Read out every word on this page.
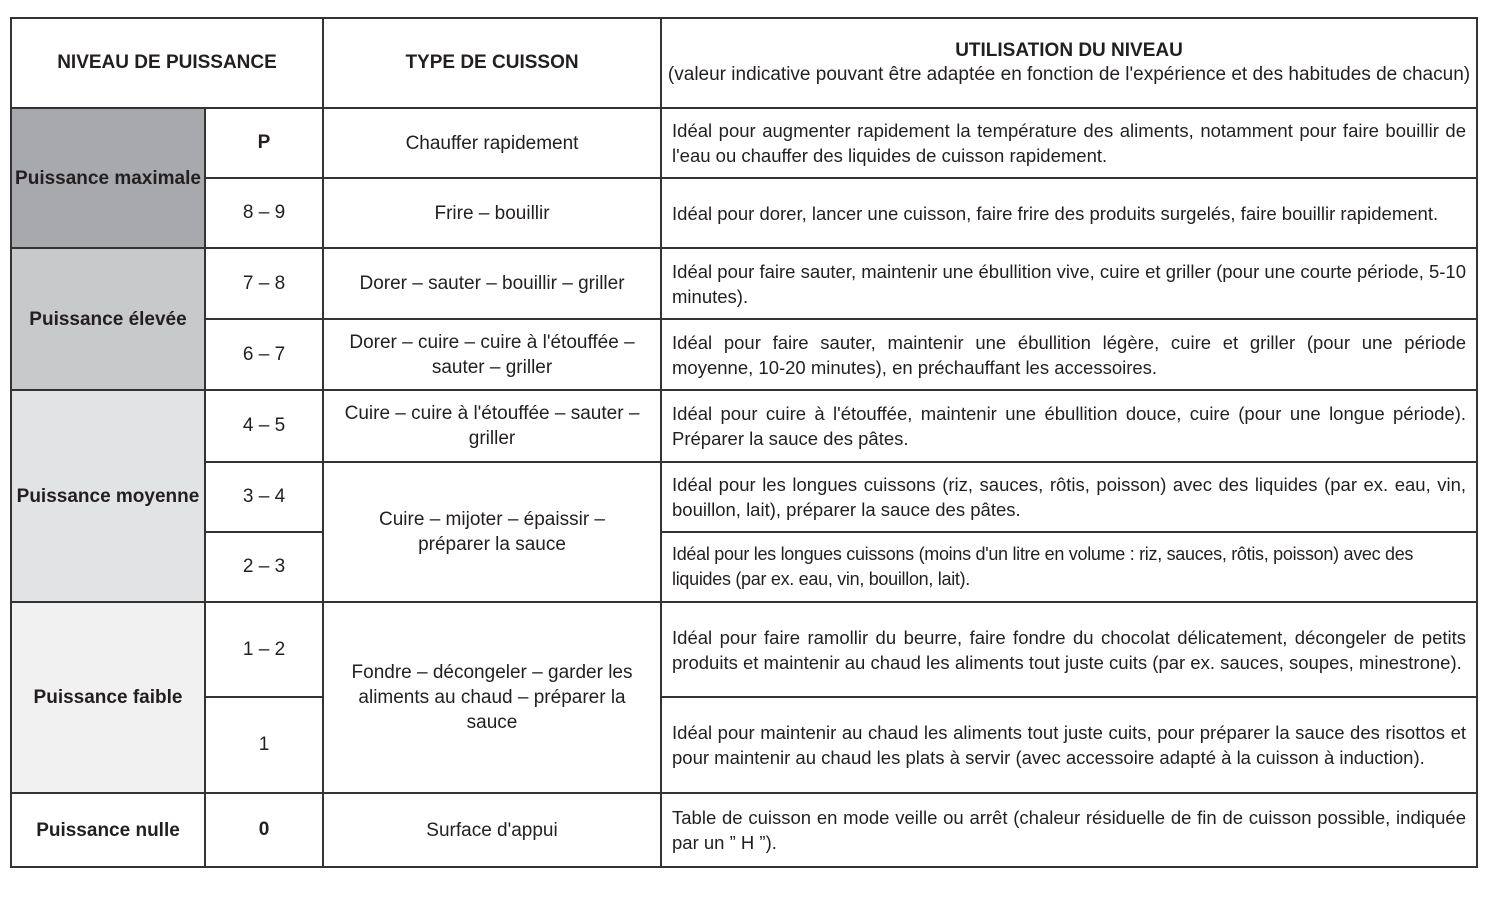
NIVEAU DE PUISSANCE		TYPE DE CUISSON	UTILISATION DU NIVEAU
(valeur indicative pouvant être adaptée en fonction de l'expérience et des habitudes de chacun)

Puissance maximale	P	Chauffer rapidement	Idéal pour augmenter rapidement la température des aliments, notamment pour faire bouillir de l'eau ou chauffer des liquides de cuisson rapidement.
	8 – 9	Frire – bouillir	Idéal pour dorer, lancer une cuisson, faire frire des produits surgelés, faire bouillir rapidement.
Puissance élevée	7 – 8	Dorer – sauter – bouillir – griller	Idéal pour faire sauter, maintenir une ébullition vive, cuire et griller (pour une courte période, 5-10 minutes).
	6 – 7	Dorer – cuire – cuire à l'étouffée – sauter – griller	Idéal pour faire sauter, maintenir une ébullition légère, cuire et griller (pour une période moyenne, 10-20 minutes), en préchauffant les accessoires.
Puissance moyenne	4 – 5	Cuire – cuire à l'étouffée – sauter – griller	Idéal pour cuire à l'étouffée, maintenir une ébullition douce, cuire (pour une longue période). Préparer la sauce des pâtes.
	3 – 4	Cuire – mijoter – épaissir – préparer la sauce	Idéal pour les longues cuissons (riz, sauces, rôtis, poisson) avec des liquides (par ex. eau, vin, bouillon, lait), préparer la sauce des pâtes.
	2 – 3		Idéal pour les longues cuissons (moins d'un litre en volume : riz, sauces, rôtis, poisson) avec des liquides (par ex. eau, vin, bouillon, lait).
Puissance faible	1 – 2	Fondre – décongeler – garder les aliments au chaud – préparer la sauce	Idéal pour faire ramollir du beurre, faire fondre du chocolat délicatement, décongeler de petits produits et maintenir au chaud les aliments tout juste cuits (par ex. sauces, soupes, minestrone).
	1		Idéal pour maintenir au chaud les aliments tout juste cuits, pour préparer la sauce des risottos et pour maintenir au chaud les plats à servir (avec accessoire adapté à la cuisson à induction).
Puissance nulle	0	Surface d'appui	Table de cuisson en mode veille ou arrêt (chaleur résiduelle de fin de cuisson possible, indiquée par un ” H ”).
